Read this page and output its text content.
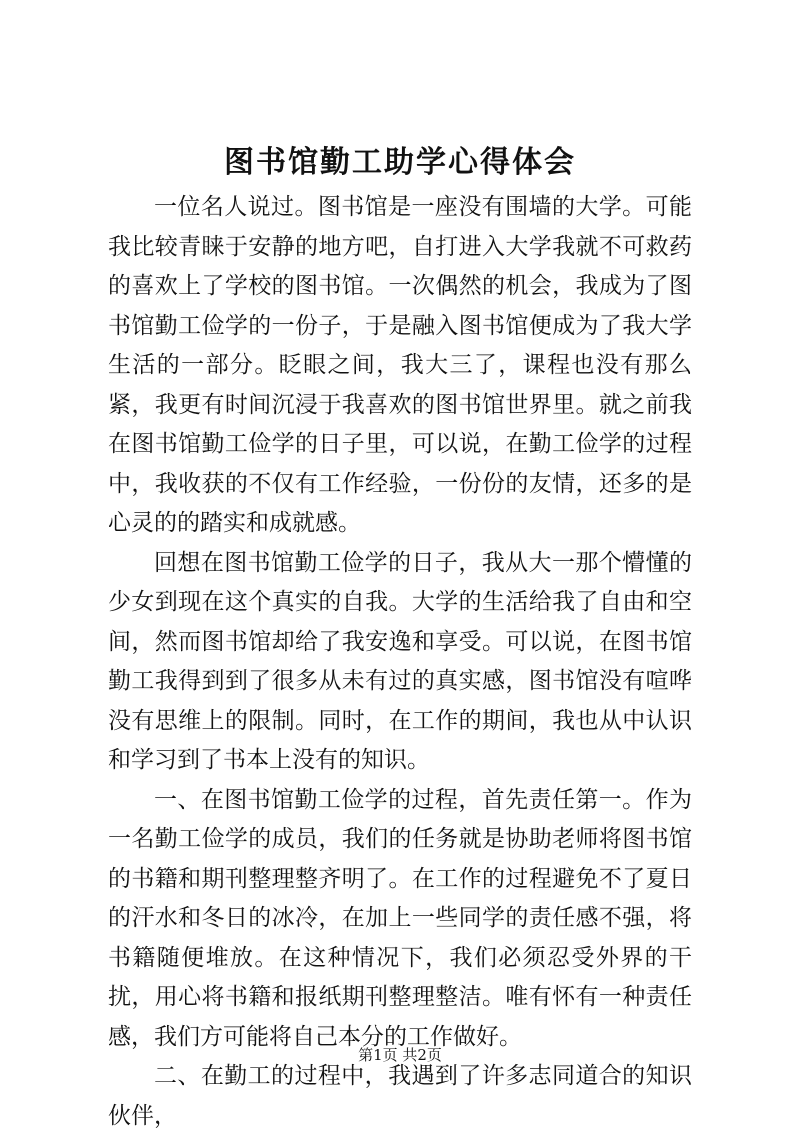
图书馆勤工助学心得体会

一位名人说过。图书馆是一座没有围墙的大学。可能我比较青睐于安静的地方吧，自打进入大学我就不可救药的喜欢上了学校的图书馆。一次偶然的机会，我成为了图书馆勤工俭学的一份子，于是融入图书馆便成为了我大学生活的一部分。眨眼之间，我大三了，课程也没有那么紧，我更有时间沉浸于我喜欢的图书馆世界里。就之前我在图书馆勤工俭学的日子里，可以说，在勤工俭学的过程中，我收获的不仅有工作经验，一份份的友情，还多的是心灵的的踏实和成就感。

回想在图书馆勤工俭学的日子，我从大一那个懵懂的少女到现在这个真实的自我。大学的生活给我了自由和空间，然而图书馆却给了我安逸和享受。可以说，在图书馆勤工我得到到了很多从未有过的真实感，图书馆没有喧哗没有思维上的限制。同时，在工作的期间，我也从中认识和学习到了书本上没有的知识。

一、在图书馆勤工俭学的过程，首先责任第一。作为一名勤工俭学的成员，我们的任务就是协助老师将图书馆的书籍和期刊整理整齐明了。在工作的过程避免不了夏日的汗水和冬日的冰冷，在加上一些同学的责任感不强，将书籍随便堆放。在这种情况下，我们必须忍受外界的干扰，用心将书籍和报纸期刊整理整洁。唯有怀有一种责任感，我们方可能将自己本分的工作做好。

二、在勤工的过程中，我遇到了许多志同道合的知识伙伴，

第1页 共2页
